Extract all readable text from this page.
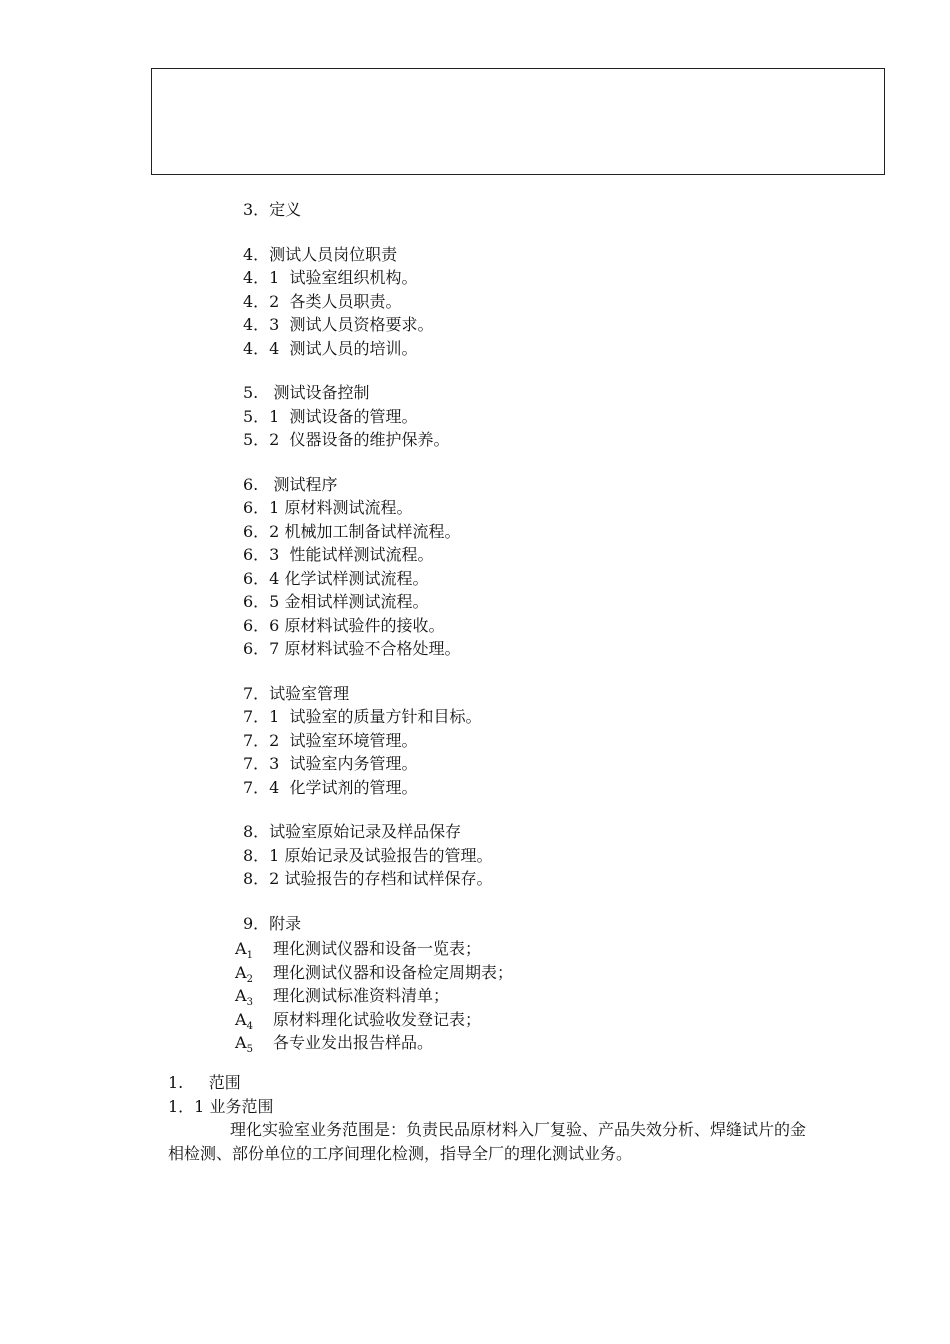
3．定义
4．测试人员岗位职责
4．1  试验室组织机构。
4．2  各类人员职责。
4．3  测试人员资格要求。
4．4  测试人员的培训。
5.   测试设备控制
5．1  测试设备的管理。
5．2  仪器设备的维护保养。
6.   测试程序
6．1 原材料测试流程。
6．2 机械加工制备试样流程。
6．3  性能试样测试流程。
6．4 化学试样测试流程。
6．5 金相试样测试流程。
6．6 原材料试验件的接收。
6．7 原材料试验不合格处理。
7．试验室管理
7．1  试验室的质量方针和目标。
7．2  试验室环境管理。
7．3  试验室内务管理。
7．4  化学试剂的管理。
8．试验室原始记录及样品保存
8．1 原始记录及试验报告的管理。
8．2 试验报告的存档和试样保存。
9．附录
$A_1$	理化测试仪器和设备一览表；
$A_2$	理化测试仪器和设备检定周期表；
$A_3$	理化测试标准资料清单；
$A_4$	原材料理化试验收发登记表；
$A_5$	各专业发出报告样品。
1.     范围
1．1 业务范围
理化实验室业务范围是：负责民品原材料入厂复验、产品失效分析、焊缝试片的金相检测、部份单位的工序间理化检测，指导全厂的理化测试业务。
